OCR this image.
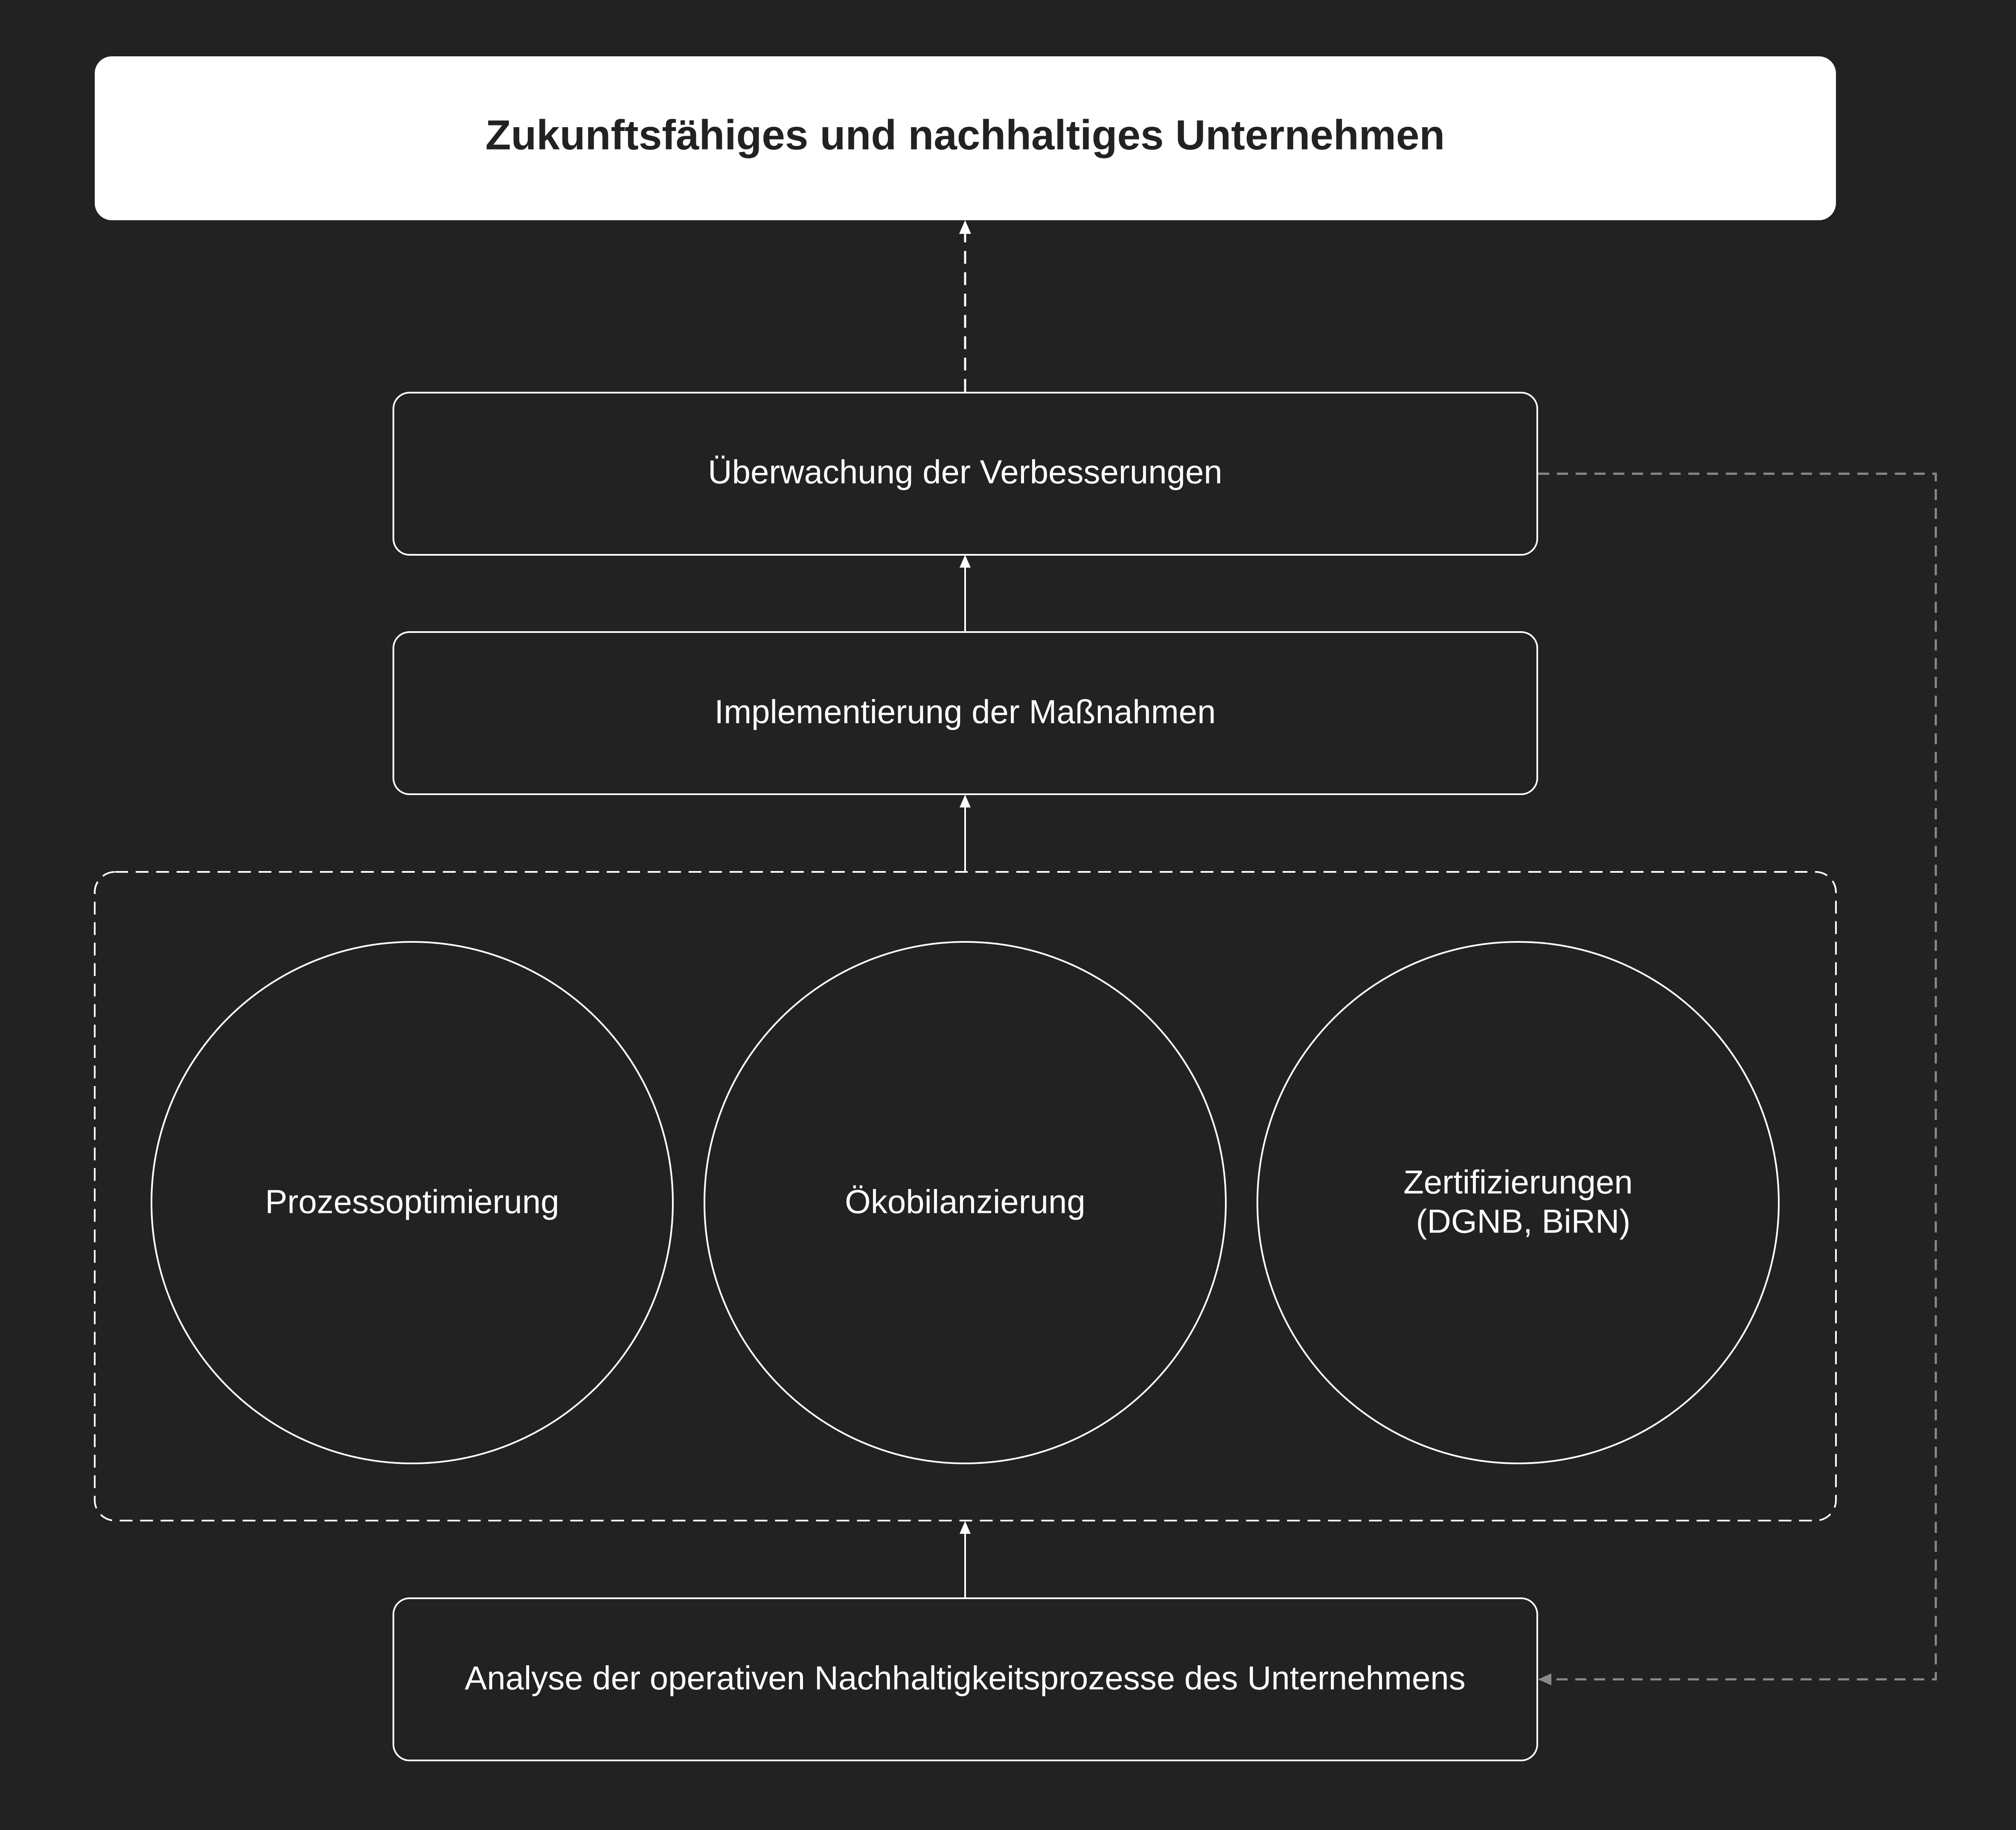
Zukunftsfähiges und nachhaltiges Unternehmen
Überwachung der Verbesserungen
Implementierung der Maßnahmen
Prozessoptimierung	Ökobilanzierung
Zertifizierungen
(DGNB, BiRN)
Analyse der operativen Nachhaltigkeitsprozesse des Unternehmens
